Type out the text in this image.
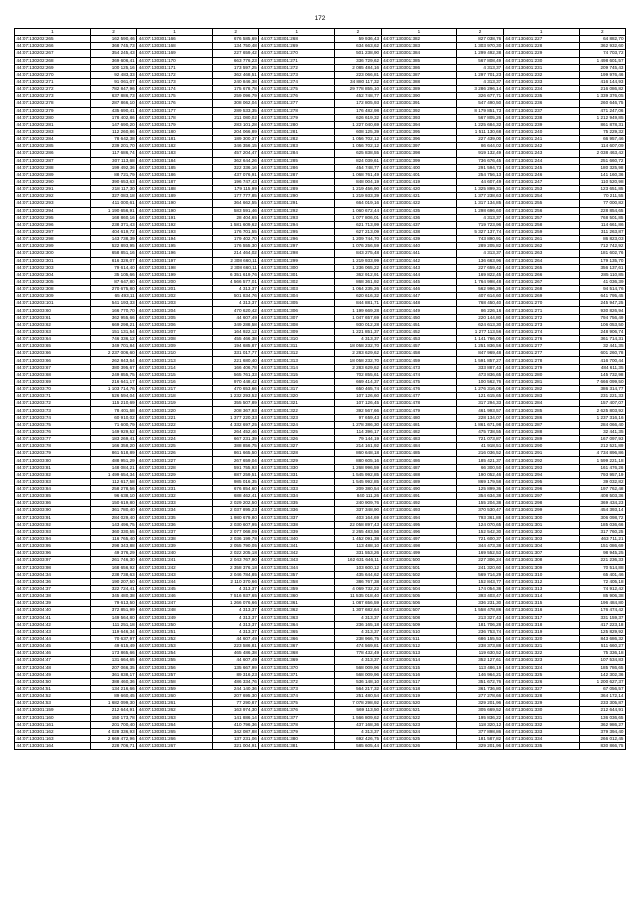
172
1	2	1	2	1	2	1	2	1	2
44:07:130202:265	162 590,46	44:07:130301:166	676 585,69	44:07:130301:268	59 936,43	44:07:130301:382	827 038,76	44:07:130401:227	64 882,70
44:07:130202:266	368 745,73	44:07:130301:168	134 750,48	44:07:130301:269	634 663,62	44:07:130301:383	1 303 970,30	44:07:130401:228	362 932,60
44:07:130202:267	354 245,43	44:07:130301:169	227 659,42	44:07:130301:270	501 238,90	44:07:130301:384	1 299 492,38	44:07:130401:229	74 703,72
44:07:130202:268	369 606,41	44:07:130301:170	663 776,23	44:07:130301:271	336 729,62	44:07:130301:385	567 808,49	44:07:130401:230	1 498 601,57
44:07:130202:269	100 125,16	44:07:130301:171	173 597,25	44:07:130301:272	2 085 484,16	44:07:130301:386	4 313,37	44:07:130401:231	209 745,43
44:07:130202:270	92 483,33	44:07:130301:172	362 468,51	44:07:130301:273	223 066,81	44:07:130301:387	1 297 701,23	44:07:130401:232	199 976,46
44:07:130202:271	91 061,07	44:07:130301:173	240 846,38	44:07:130301:274	34 880 117,32	44:07:130301:388	4 313,37	44:07:130401:233	416 144,93
44:07:130202:272	782 847,96	44:07:130301:174	175 678,78	44:07:130301:275	29 778 855,10	44:07:130301:389	3 286 296,14	44:07:130401:234	216 086,82
44:07:130202:273	637 886,73	44:07:130301:175	259 096,79	44:07:130301:276	452 748,77	44:07:130301:390	326 677,71	44:07:130401:235	1 339 376,05
44:07:130202:278	287 866,10	44:07:130301:176	308 062,04	44:07:130301:277	172 805,93	44:07:130301:391	547 490,50	44:07:130401:236	260 646,75
44:07:130202:279	435 690,41	44:07:130301:177	289 533,35	44:07:130301:278	176 482,98	44:07:130301:392	8 179 851,73	44:07:130401:237	471 247,06
44:07:130202:280	178 402,86	44:07:130301:178	211 080,02	44:07:130301:279	626 619,32	44:07:130301:393	567 805,26	44:07:130401:238	1 212 949,85
44:07:130202:281	147 690,20	44:07:130301:179	283 101,28	44:07:130301:280	1 227 040,69	44:07:130301:394	1 225 684,32	44:07:130401:239	861 878,31
44:07:130202:283	112 260,86	44:07:130301:180	204 066,89	44:07:130301:281	608 125,39	44:07:130301:395	1 511 130,68	44:07:130401:240	75 229,32
44:07:130202:284	78 642,38	44:07:130301:181	189 300,37	44:07:130301:282	1 056 702,12	44:07:130301:396	227 439,00	44:07:130401:241	66 957,46
44:07:130202:285	239 201,70	44:07:130301:182	346 356,15	44:07:130301:283	1 056 702,12	44:07:130301:397	86 644,02	44:07:130401:242	114 607,09
44:07:130202:286	117 686,74	44:07:130301:183	457 204,47	44:07:130301:284	625 838,55	44:07:130301:398	919 132,49	44:07:130401:243	2 038 463,42
44:07:130202:287	307 113,68	44:07:130301:184	362 644,26	44:07:130301:285	824 039,61	44:07:130301:399	736 676,45	44:07:130401:244	251 660,72
44:07:130202:288	199 492,36	44:07:130301:185	322 336,16	44:07:130301:286	454 748,77	44:07:130301:400	291 594,73	44:07:130401:245	180 325,98
44:07:130202:289	88 721,79	44:07:130301:186	437 076,91	44:07:130301:287	1 068 761,49	44:07:130301:401	254 756,13	44:07:130401:246	141 160,36
44:07:130202:290	390 653,63	44:07:130301:187	196 747,43	44:07:130301:288	848 004,19	44:07:130301:419	44 607,49	44:07:130401:247	110 520,98
44:07:130202:291	218 117,30	44:07:130301:188	179 115,99	44:07:130301:289	1 219 456,90	44:07:130301:420	1 325 899,31	44:07:130401:253	123 651,85
44:07:130202:292	327 083,18	44:07:130301:189	177 777,85	44:07:130301:290	1 219 933,39	44:07:130301:421	1 377 238,63	44:07:130401:254	70 211,55
44:07:130202:293	411 000,61	44:07:130301:190	364 662,55	44:07:130301:291	664 019,16	44:07:130301:422	1 317 134,85	44:07:130401:255	77 000,82
44:07:130202:294	1 190 656,91	44:07:130301:190	583 591,46	44:07:130301:292	1 060 672,44	44:07:130301:435	1 298 696,60	44:07:130401:256	228 854,65
44:07:130202:295	168 860,16	44:07:130301:191	28 404,65	44:07:130301:293	1 077 806,01	44:07:130301:436	4 313,37	44:07:130401:257	768 501,85
44:07:130202:296	238 371,43	44:07:130301:192	1 581 609,62	44:07:130301:294	621 713,99	44:07:130301:437	719 723,96	44:07:130401:258	114 661,86
44:07:130202:297	404 619,72	44:07:130301:193	176 701,55	44:07:130301:295	627 213,09	44:07:130301:438	5 327 137,74	44:07:130401:259	311 263,87
44:07:130202:298	143 738,39	44:07:130301:194	179 402,70	44:07:130301:296	1 209 744,70	44:07:130301:439	743 890,91	44:07:130401:261	86 823,03
44:07:130202:299	522 893,95	44:07:130301:195	176 555,30	44:07:130301:297	1 076 256,59	44:07:130301:440	289 205,82	44:07:130401:262	712 742,92
44:07:130202:300	658 851,16	44:07:130301:196	214 464,02	44:07:130301:298	843 275,48	44:07:130301:441	4 313,37	44:07:130401:263	181 602,76
44:07:130202:301	616 326,07	44:07:130301:197	2 308 660,11	44:07:130301:299	1 219 933,99	44:07:130301:442	136 663,96	44:07:130401:264	179 135,70
44:07:130202:303	79 614,40	44:07:130301:198	2 308 660,11	44:07:130301:300	1 236 065,22	44:07:130301:443	227 659,42	44:07:130401:265	356 137,61
44:07:130202:304	35 105,66	44:07:130301:199	6 351 619,76	44:07:130301:301	362 912,91	44:07:130301:444	169 822,45	44:07:130401:266	285 110,85
44:07:130202:305	87 647,80	44:07:130301:200	4 566 577,01	44:07:130301:302	868 361,92	44:07:130301:445	1 764 998,48	44:07:130401:267	41 036,39
44:07:130202:308	270 675,80	44:07:130301:201	4 313,37	44:07:130301:303	1 064 235,26	44:07:130301:446	562 996,26	44:07:130401:268	94 514,76
44:07:130202:309	65 493,11	44:07:130301:202	501 834,76	44:07:130301:304	620 616,32	44:07:130301:447	407 614,60	44:07:130401:269	641 795,45
44:07:130203:101	541 193,33	44:07:130301:203	4 313,37	44:07:130301:305	844 881,71	44:07:130301:448	768 450,40	44:07:130401:270	245 947,25
44:07:130203:60	166 770,70	44:07:130301:204	470 620,42	44:07:130301:306	1 199 669,28	44:07:130301:449	86 226,16	44:07:130401:271	930 826,94
44:07:130203:61	362 955,66	44:07:130301:205	44 607,49	44:07:130301:307	1 047 657,69	44:07:130301:450	220 144,80	44:07:130401:272	794 756,49
44:07:130203:62	669 298,21	44:07:130301:206	349 288,58	44:07:130301:308	930 012,28	44:07:130301:451	624 613,30	44:07:130401:273	106 053,50
44:07:130203:63	151 131,54	44:07:130301:207	164 922,12	44:07:130301:309	1 221 851,37	44:07:130301:452	1 277 113,56	44:07:130401:274	248 906,74
44:07:130203:64	746 336,12	44:07:130301:208	455 466,38	44:07:130301:310	4 313,37	44:07:130301:453	1 141 766,00	44:07:130401:276	361 714,31
44:07:130203:65	349 701,84	44:07:130301:209	194 685,87	44:07:130301:311	18 058 232,70	44:07:130301:457	1 251 836,56	44:07:130401:277	32 441,35
44:07:130203:66	2 237 006,60	44:07:130301:210	331 017,77	44:07:130301:312	2 283 629,62	44:07:130301:458	847 969,48	44:07:130401:277	601 260,78
44:07:130203:66	262 843,54	44:07:130301:213	221 680,40	44:07:130301:313	18 058 232,70	44:07:130301:459	1 591 857,27	44:07:130401:278	416 700,44
44:07:130203:67	380 395,67	44:07:130301:214	166 406,78	44:07:130301:314	2 283 629,62	44:07:130301:473	333 887,43	44:07:130401:279	484 611,35
44:07:130203:68	249 855,75	44:07:130301:215	565 761,33	44:07:130301:315	702 855,61	44:07:130301:474	473 836,65	44:07:130401:280	145 732,98
44:07:130203:69	216 641,17	44:07:130301:216	970 448,42	44:07:130301:316	669 414,37	44:07:130301:475	100 562,76	44:07:130401:281	7 666 099,50
44:07:130203:70	1 103 714,76	44:07:130301:217	470 653,66	44:07:130301:317	650 465,74	44:07:130301:476	1 276 316,08	44:07:130401:282	386 314,77
44:07:130203:71	526 594,04	44:07:130301:218	1 232 293,52	44:07:130301:320	107 126,60	44:07:130301:477	121 615,65	44:07:130401:283	231 221,33
44:07:130203:72	115 210,69	44:07:130301:219	355 507,89	44:07:130301:321	107 126,45	44:07:130301:478	317 294,33	44:07:130401:284	157 407,07
44:07:130203:73	78 401,58	44:07:130301:220	208 367,93	44:07:130301:322	392 567,66	44:07:130301:479	461 993,57	44:07:130401:285	2 625 803,92
44:07:130203:74	60 910,02	44:07:130301:221	1 377 220,33	44:07:130301:323	97 659,43	44:07:130301:480	228 134,07	44:07:130401:286	1 237 316,16
44:07:130203:75	71 600,79	44:07:130301:222	4 332 697,25	44:07:130301:324	1 278 386,30	44:07:130301:481	1 861 671,98	44:07:130401:287	284 066,40
44:07:130203:76	149 929,52	44:07:130301:223	264 452,46	44:07:130301:325	114 396,17	44:07:130301:482	475 738,55	44:07:130401:288	32 441,35
44:07:130203:77	183 269,41	44:07:130301:224	667 231,39	44:07:130301:326	79 144,19	44:07:130301:483	721 073,87	44:07:130401:289	167 097,93
44:07:130203:78	166 358,20	44:07:130301:225	388 856,75	44:07:130301:327	214 161,92	44:07:130301:484	41 918,51	44:07:130401:290	212 521,89
44:07:130203:79	861 518,89	44:07:130301:226	861 665,50	44:07:130301:328	860 648,18	44:07:130301:485	216 036,52	44:07:130401:291	4 734 896,86
44:07:130203:80	488 951,29	44:07:130301:227	267 659,04	44:07:130301:329	880 605,16	44:07:130301:486	185 421,37	44:07:130401:292	1 599 221,18
44:07:130203:81	148 084,21	44:07:130301:228	591 755,93	44:07:130301:330	1 268 996,59	44:07:130301:487	66 300,50	44:07:130401:293	161 476,26
44:07:130203:82	1 499 654,34	44:07:130301:229	887 259,51	44:07:130301:331	1 545 992,85	44:07:130301:488	190 052,46	44:07:130401:294	793 957,19
44:07:130203:83	112 617,58	44:07:130301:230	985 016,35	44:07:130301:332	1 545 992,85	44:07:130301:489	869 179,58	44:07:130401:295	39 032,82
44:07:130203:84	258 278,56	44:07:130301:231	676 854,60	44:07:130301:333	209 380,54	44:07:130301:490	125 899,36	44:07:130401:296	197 762,48
44:07:130203:85	96 638,10	44:07:130301:232	688 462,41	44:07:130301:334	840 111,26	44:07:130301:491	354 634,38	44:07:130401:297	408 503,36
44:07:130203:86	150 619,80	44:07:130301:233	2 029 202,50	44:07:130301:335	240 909,76	44:07:130301:492	155 204,38	44:07:130401:298	369 434,23
44:07:130203:90	361 780,40	44:07:130301:234	2 037 895,23	44:07:130301:336	337 348,90	44:07:130301:493	370 530,47	44:07:130401:299	454 393,14
44:07:130203:91	284 029,40	44:07:130301:235	1 980 679,80	44:07:130301:337	403 164,69	44:07:130301:494	793 361,88	44:07:130401:300	306 098,72
44:07:130203:92	143 496,75	44:07:130301:236	2 030 607,95	44:07:130301:338	22 058 897,43	44:07:130301:495	124 070,65	44:07:130401:301	185 036,66
44:07:130203:93	360 330,55	44:07:130301:237	2 077 068,09	44:07:130301:339	2 265 483,56	44:07:130301:496	152 542,30	44:07:130401:302	317 760,25
44:07:130203:94	116 765,40	44:07:130301:238	2 036 199,78	44:07:130301:340	1 452 091,38	44:07:130301:497	721 600,37	44:07:130401:303	463 711,21
44:07:130203:95	298 343,88	44:07:130301:239	2 055 790,05	44:07:130301:341	113 488,10	44:07:130301:498	344 473,38	44:07:130401:304	151 086,69
44:07:130203:96	49 376,29	44:07:130301:240	2 022 205,18	44:07:130301:342	331 553,26	44:07:130301:499	169 552,53	44:07:130401:307	98 945,25
44:07:130203:97	261 746,30	44:07:130301:241	2 043 767,90	44:07:130301:343	162 631 646,11	44:07:130301:500	227 306,24	44:07:130401:308	221 236,33
44:07:130203:98	168 656,92	44:07:130301:242	2 358 376,18	44:07:130301:344	103 600,12	44:07:130301:501	241 320,60	44:07:130401:309	70 514,88
44:07:130204:34	238 738,63	44:07:130301:243	2 046 784,85	44:07:130301:357	435 644,62	44:07:130301:502	569 714,29	44:07:130401:310	65 401,46
44:07:130204:36	190 207,50	44:07:130301:244	2 110 370,66	44:07:130301:358	386 767,38	44:07:130301:503	152 843,77	44:07:130401:312	72 405,18
44:07:130204:37	322 724,41	44:07:130301:245	4 313,37	44:07:130301:359	4 069 732,22	44:07:130301:504	174 054,38	44:07:130401:313	74 912,42
44:07:130204:38	345 480,38	44:07:130301:246	7 516 937,65	44:07:130301:360	11 535 018,40	44:07:130301:505	393 403,47	44:07:130401:314	85 906,38
44:07:130204:39	79 613,50	44:07:130301:247	1 266 076,66	44:07:130301:361	1 087 656,59	44:07:130301:506	336 231,30	44:07:130401:315	196 484,80
44:07:130204:40	372 851,99	44:07:130301:248	4 313,37	44:07:130301:362	1 307 682,64	44:07:130301:507	1 558 478,86	44:07:130401:316	176 474,42
44:07:130204:41	149 564,80	44:07:130301:249	4 313,37	44:07:130301:363	4 313,37	44:07:130301:508	213 327,43	44:07:130401:317	331 159,37
44:07:130204:42	111 251,18	44:07:130301:250	4 313,37	44:07:130301:364	236 165,18	44:07:130301:509	181 706,28	44:07:130401:318	417 223,18
44:07:130204:43	119 646,34	44:07:130301:251	4 313,37	44:07:130301:365	4 313,37	44:07:130301:510	236 753,74	44:07:130401:319	125 829,92
44:07:130204:44	70 637,97	44:07:130301:252	44 607,49	44:07:130301:366	238 966,75	44:07:130301:511	686 155,53	44:07:130401:320	843 686,32
44:07:130204:45	49 615,49	44:07:130301:253	223 586,81	44:07:130301:367	474 569,81	44:07:130301:512	238 373,88	44:07:130401:321	511 660,27
44:07:130204:46	173 865,66	44:07:130301:254	465 486,38	44:07:130301:368	778 432,49	44:07:130301:513	119 630,52	44:07:130401:322	75 336,18
44:07:130204:47	131 664,65	44:07:130301:255	44 607,49	44:07:130301:369	4 313,37	44:07:130301:514	352 127,61	44:07:130401:323	107 534,83
44:07:130204:48	207 066,35	44:07:130301:256	135 667,99	44:07:130301:370	568 009,96	44:07:130301:515	113 486,19	44:07:130401:324	185 786,65
44:07:130204:49	361 838,17	44:07:130301:257	89 316,23	44:07:130301:371	568 009,96	44:07:130301:516	146 964,21	44:07:130401:325	142 302,36
44:07:130204:50	388 460,36	44:07:130301:258	486 334,76	44:07:130301:372	536 148,10	44:07:130301:517	351 672,76	44:07:130401:326	1 200 627,37
44:07:130204:51	134 216,66	44:07:130301:259	244 140,36	44:07:130301:373	564 217,32	44:07:130301:518	361 736,80	44:07:130401:327	67 056,57
44:07:130204:52	89 660,45	44:07:130301:260	207 695,30	44:07:130301:374	251 480,54	44:07:130301:519	277 278,66	44:07:130401:328	364 172,14
44:07:130204:53	1 682 099,30	44:07:130301:261	77 290,87	44:07:130301:375	7 078 298,92	44:07:130301:520	329 201,96	44:07:130401:329	233 305,87
44:07:130301:159	212 644,91	44:07:130301:262	163 974,30	44:07:130301:376	569 113,50	44:07:130301:521	305 669,52	44:07:130401:330	212 644,91
44:07:130301:160	150 173,78	44:07:130301:263	141 886,14	44:07:130301:377	1 566 809,62	44:07:130301:522	195 836,22	44:07:130401:331	136 036,65
44:07:130301:161	201 700,40	44:07:130301:264	410 796,36	44:07:130301:378	437 168,36	44:07:130301:523	118 320,12	44:07:130401:332	362 986,27
44:07:130301:162	4 028 336,93	44:07:130301:265	342 087,88	44:07:130301:379	4 313,37	44:07:130301:524	377 898,86	44:07:130401:333	379 394,40
44:07:130301:163	2 669 472,96	44:07:130301:266	137 231,06	44:07:130301:380	692 426,75	44:07:130301:525	181 587,82	44:07:130401:334	266 012,45
44:07:130301:164	228 706,71	44:07:130301:267	321 004,91	44:07:130301:381	585 605,44	44:07:130301:526	329 201,96	44:07:130401:335	830 866,75
